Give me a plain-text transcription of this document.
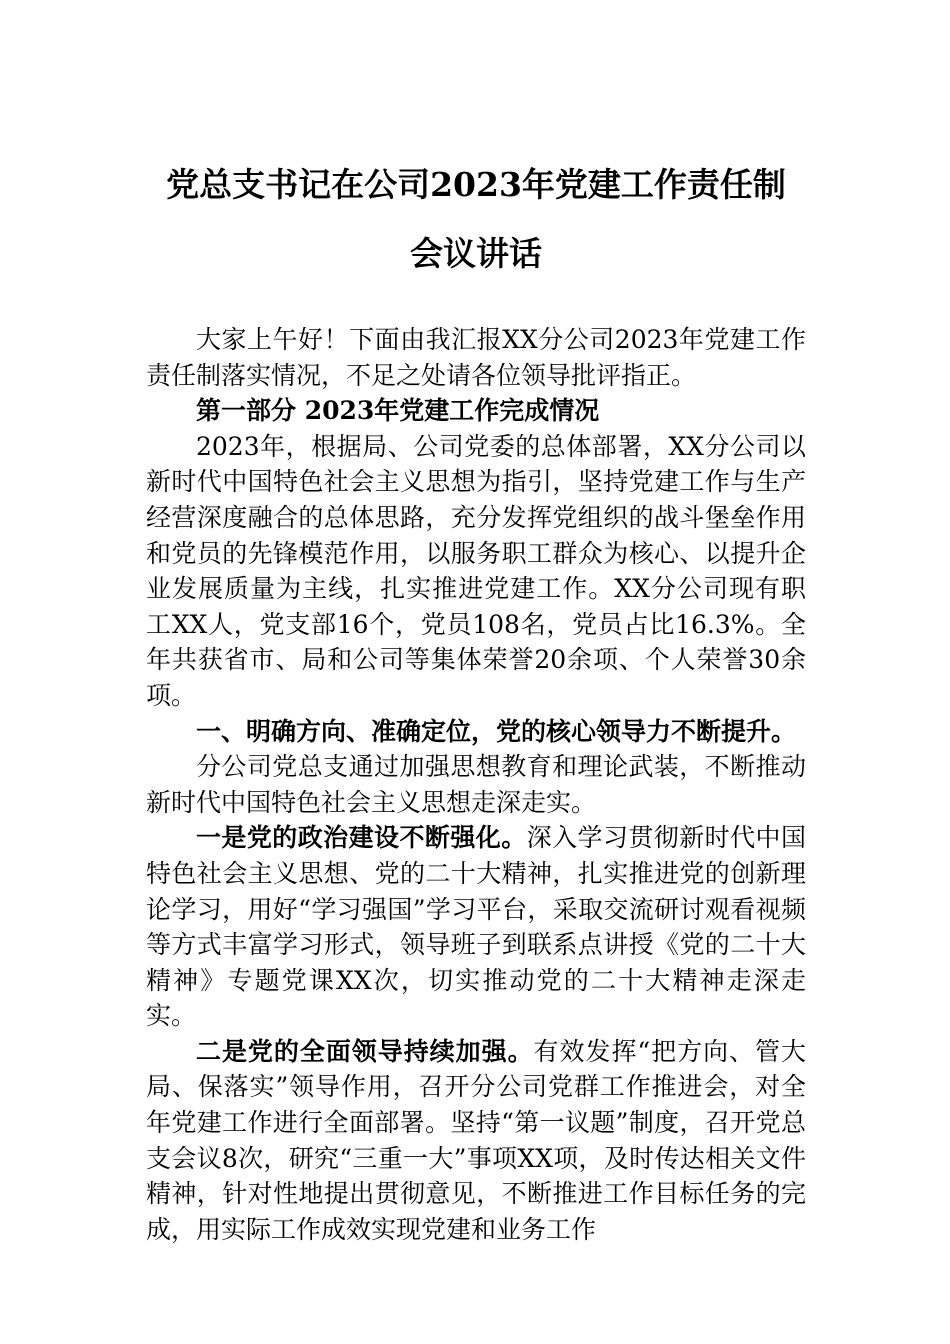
党总支书记在公司2023年党建工作责任制
会议讲话

大家上午好！下面由我汇报XX分公司2023年党建工作责任制落实情况，不足之处请各位领导批评指正。

第一部分 2023年党建工作完成情况

2023年，根据局、公司党委的总体部署，XX分公司以新时代中国特色社会主义思想为指引，坚持党建工作与生产经营深度融合的总体思路，充分发挥党组织的战斗堡垒作用和党员的先锋模范作用，以服务职工群众为核心、以提升企业发展质量为主线，扎实推进党建工作。XX分公司现有职工XX人，党支部16个，党员108名，党员占比16.3%。全年共获省市、局和公司等集体荣誉20余项、个人荣誉30余项。

一、明确方向、准确定位，党的核心领导力不断提升。

分公司党总支通过加强思想教育和理论武装，不断推动新时代中国特色社会主义思想走深走实。

一是党的政治建设不断强化。深入学习贯彻新时代中国特色社会主义思想、党的二十大精神，扎实推进党的创新理论学习，用好“学习强国”学习平台，采取交流研讨观看视频等方式丰富学习形式，领导班子到联系点讲授《党的二十大精神》专题党课XX次，切实推动党的二十大精神走深走实。

二是党的全面领导持续加强。有效发挥“把方向、管大局、保落实”领导作用，召开分公司党群工作推进会，对全年党建工作进行全面部署。坚持“第一议题”制度，召开党总支会议8次，研究“三重一大”事项XX项，及时传达相关文件精神，针对性地提出贯彻意见，不断推进工作目标任务的完成，用实际工作成效实现党建和业务工作
